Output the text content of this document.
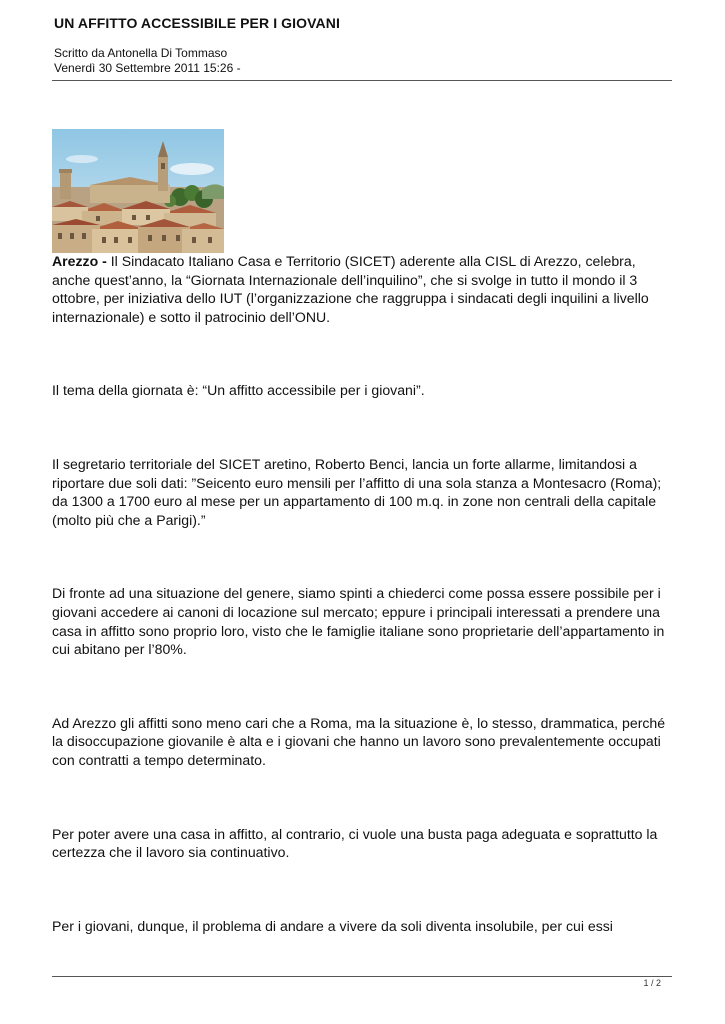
UN AFFITTO ACCESSIBILE PER I GIOVANI
Scritto da Antonella Di Tommaso
Venerdì 30 Settembre 2011 15:26 -

Arezzo - Il Sindacato Italiano Casa e Territorio (SICET) aderente alla CISL di Arezzo, celebra, anche quest’anno, la “Giornata Internazionale dell’inquilino”, che si svolge in tutto il mondo il 3 ottobre, per iniziativa dello IUT (l’organizzazione che raggruppa i sindacati degli inquilini a livello internazionale) e sotto il patrocinio dell’ONU.

Il tema della giornata è: “Un affitto accessibile per i giovani”.

Il segretario territoriale del SICET aretino, Roberto Benci, lancia un forte allarme, limitandosi a riportare due soli dati: ”Seicento euro mensili per l’affitto di una sola stanza a Montesacro (Roma); da 1300 a 1700 euro al mese per un appartamento di 100 m.q. in zone non centrali della capitale (molto più che a Parigi).”

Di fronte ad una situazione del genere, siamo spinti a chiederci come possa essere possibile per i giovani accedere ai canoni di locazione sul mercato; eppure i principali interessati a prendere una casa in affitto sono proprio loro, visto che le famiglie italiane sono proprietarie dell’appartamento in cui abitano per l’80%.

Ad Arezzo gli affitti sono meno cari che a Roma, ma la situazione è, lo stesso, drammatica, perché la disoccupazione giovanile è alta e i giovani che hanno un lavoro sono prevalentemente occupati con contratti a tempo determinato.

Per poter avere una casa in affitto, al contrario, ci vuole una busta paga adeguata e soprattutto la certezza che il lavoro sia continuativo.

Per i giovani, dunque, il problema di andare a vivere da soli diventa insolubile, per cui essi

1 / 2
